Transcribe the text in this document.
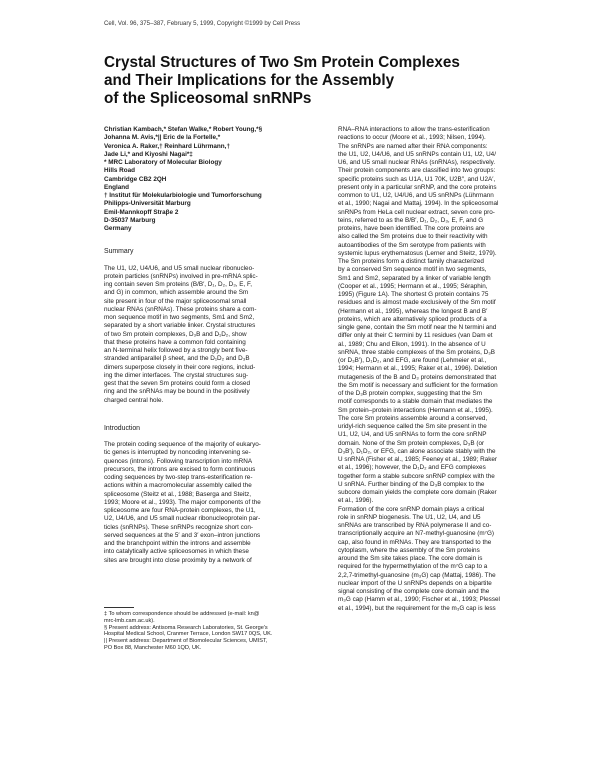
Cell, Vol. 96, 375–387, February 5, 1999, Copyright ©1999 by Cell Press
Crystal Structures of Two Sm Protein Complexes
and Their Implications for the Assembly
of the Spliceosomal snRNPs
Christian Kambach,* Stefan Walke,* Robert Young,*§
Johanna M. Avis,*|| Eric de la Fortelle,*
Veronica A. Raker,† Reinhard Lührmann,†
Jade Li,* and Kiyoshi Nagai*‡
* MRC Laboratory of Molecular Biology
Hills Road
Cambridge CB2 2QH
England
† Institut für Molekularbiologie und Tumorforschung
Philipps-Universität Marburg
Emil-Mannkopff Straβe 2
D-35037 Marburg
Germany
Summary
The U1, U2, U4/U6, and U5 small nuclear ribonucleo-
protein particles (snRNPs) involved in pre-mRNA splic-
ing contain seven Sm proteins (B/B′, D₁, D₂, D₃, E, F,
and G) in common, which assemble around the Sm
site present in four of the major spliceosomal small
nuclear RNAs (snRNAs). These proteins share a com-
mon sequence motif in two segments, Sm1 and Sm2,
separated by a short variable linker. Crystal structures
of two Sm protein complexes, D₃B and D₁D₂, show
that these proteins have a common fold containing
an N-terminal helix followed by a strongly bent five-
stranded antiparallel β sheet, and the D₁D₂ and D₃B
dimers superpose closely in their core regions, includ-
ing the dimer interfaces. The crystal structures sug-
gest that the seven Sm proteins could form a closed
ring and the snRNAs may be bound in the positively
charged central hole.
Introduction
The protein coding sequence of the majority of eukaryo-
tic genes is interrupted by noncoding intervening se-
quences (introns). Following transcription into mRNA
precursors, the introns are excised to form continuous
coding sequences by two-step trans-esterification re-
actions within a macromolecular assembly called the
spliceosome (Steitz et al., 1988; Baserga and Steitz,
1993; Moore et al., 1993). The major components of the
spliceosome are four RNA-protein complexes, the U1,
U2, U4/U6, and U5 small nuclear ribonucleoprotein par-
ticles (snRNPs). These snRNPs recognize short con-
served sequences at the 5′ and 3′ exon–intron junctions
and the branchpoint within the introns and assemble
into catalytically active spliceosomes in which these
sites are brought into close proximity by a network of
‡ To whom correspondence should be addressed (e-mail: kn@
mrc-lmb.cam.ac.uk).
§ Present address: Antisoma Research Laboratories, St. George's
Hospital Medical School, Cranmer Terrace, London SW17 0QS, UK.
|| Present address: Department of Biomolecular Sciences, UMIST,
PO Box 88, Manchester M60 1QD, UK.
RNA–RNA interactions to allow the trans-esterification
reactions to occur (Moore et al., 1993; Nilsen, 1994).
The snRNPs are named after their RNA components:
the U1, U2, U4/U6, and U5 snRNPs contain U1, U2, U4/
U6, and U5 small nuclear RNAs (snRNAs), respectively.
Their protein components are classified into two groups:
specific proteins such as U1A, U1 70K, U2B″, and U2A′,
present only in a particular snRNP, and the core proteins
common to U1, U2, U4/U6, and U5 snRNPs (Lührmann
et al., 1990; Nagai and Mattaj, 1994). In the spliceosomal
snRNPs from HeLa cell nuclear extract, seven core pro-
teins, referred to as the B/B′, D₁, D₂, D₃, E, F, and G
proteins, have been identified. The core proteins are
also called the Sm proteins due to their reactivity with
autoantibodies of the Sm serotype from patients with
systemic lupus erythematosus (Lerner and Steitz, 1979).
The Sm proteins form a distinct family characterized
by a conserved Sm sequence motif in two segments,
Sm1 and Sm2, separated by a linker of variable length
(Cooper et al., 1995; Hermann et al., 1995; Séraphin,
1995) (Figure 1A). The shortest G protein contains 75
residues and is almost made exclusively of the Sm motif
(Hermann et al., 1995), whereas the longest B and B′
proteins, which are alternatively spliced products of a
single gene, contain the Sm motif near the N termini and
differ only at their C termini by 11 residues (van Dam et
al., 1989; Chu and Elkon, 1991). In the absence of U
snRNA, three stable complexes of the Sm proteins, D₃B
(or D₃B′), D₁D₂, and EFG, are found (Lehmeier et al.,
1994; Hermann et al., 1995; Raker et al., 1996). Deletion
mutagenesis of the B and D₃ proteins demonstrated that
the Sm motif is necessary and sufficient for the formation
of the D₃B protein complex, suggesting that the Sm
motif corresponds to a stable domain that mediates the
Sm protein–protein interactions (Hermann et al., 1995).
The core Sm proteins assemble around a conserved,
uridyl-rich sequence called the Sm site present in the
U1, U2, U4, and U5 snRNAs to form the core snRNP
domain. None of the Sm protein complexes, D₃B (or
D₃B′), D₁D₂, or EFG, can alone associate stably with the
U snRNA (Fisher et al., 1985; Feeney et al., 1989; Raker
et al., 1996); however, the D₁D₂ and EFG complexes
together form a stable subcore snRNP complex with the
U snRNA. Further binding of the D₃B complex to the
subcore domain yields the complete core domain (Raker
et al., 1996).
Formation of the core snRNP domain plays a critical
role in snRNP biogenesis. The U1, U2, U4, and U5
snRNAs are transcribed by RNA polymerase II and co-
transcriptionally acquire an N7-methyl-guanosine (m⁷G)
cap, also found in mRNAs. They are transported to the
cytoplasm, where the assembly of the Sm proteins
around the Sm site takes place. The core domain is
required for the hypermethylation of the m⁷G cap to a
2,2,7-trimethyl-guanosine (m₃G) cap (Mattaj, 1986). The
nuclear import of the U snRNPs depends on a bipartite
signal consisting of the complete core domain and the
m₃G cap (Hamm et al., 1990; Fischer et al., 1993; Plessel
et al., 1994), but the requirement for the m₃G cap is less
